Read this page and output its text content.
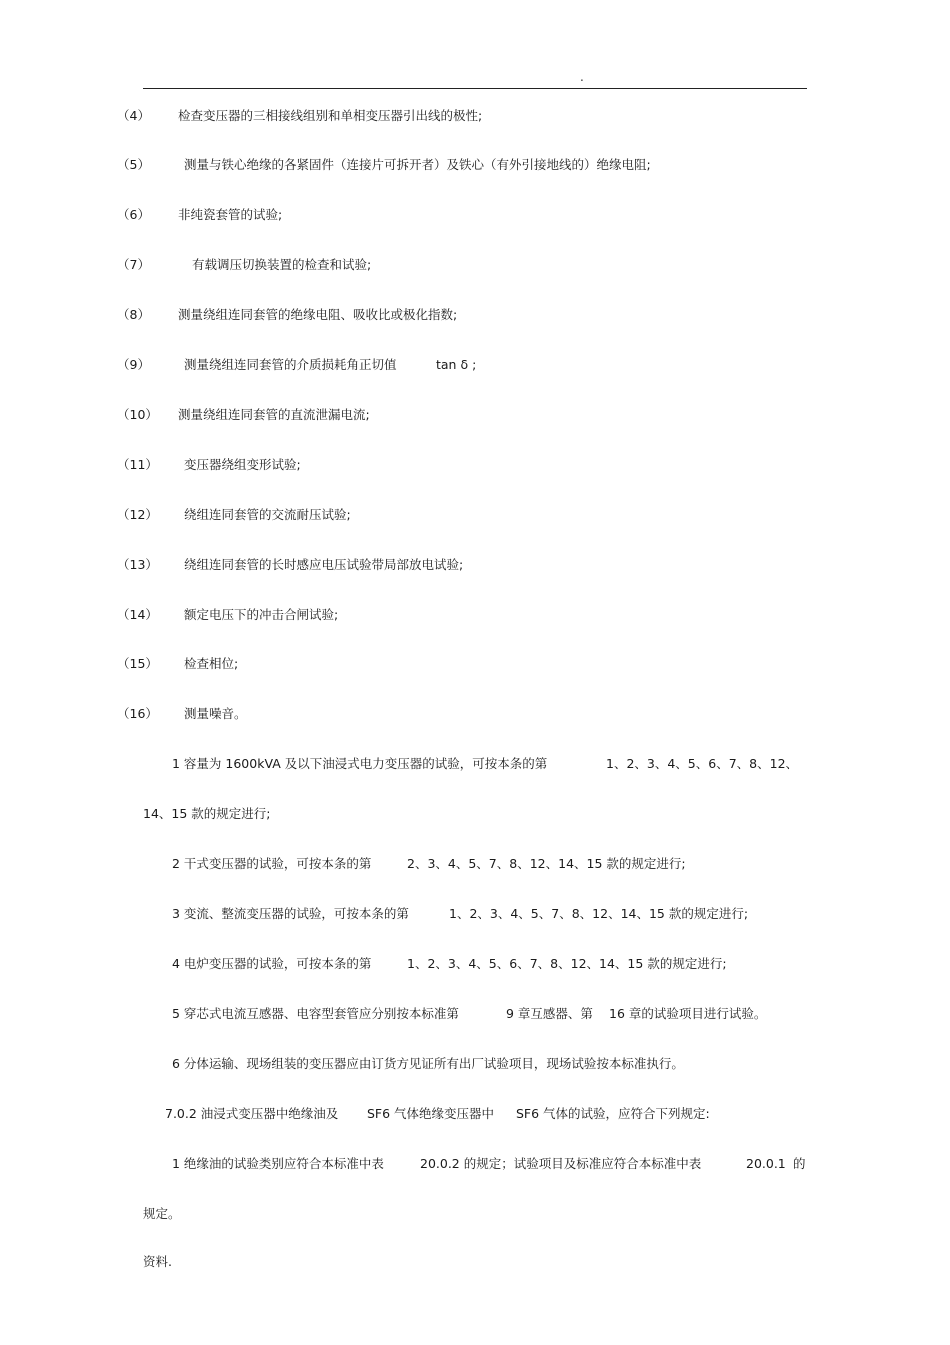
.
（4） 检查变压器的三相接线组别和单相变压器引出线的极性;
（5）	测量与铁心绝缘的各紧固件（连接片可拆开者）及铁心（有外引接地线的）绝缘电阻;
（6） 非纯瓷套管的试验;
（7）	有载调压切换装置的检查和试验;
（8） 测量绕组连同套管的绝缘电阻、吸收比或极化指数;
（9）	测量绕组连同套管的介质损耗角正切值	tan δ ;
（10） 测量绕组连同套管的直流泄漏电流;
（11） 变压器绕组变形试验;
（12） 绕组连同套管的交流耐压试验;
（13） 绕组连同套管的长时感应电压试验带局部放电试验;
（14） 额定电压下的冲击合闸试验;
（15） 检查相位;
（16） 测量噪音。
1 容量为 1600kVA 及以下油浸式电力变压器的试验，可按本条的第	1、2、3、4、5、6、7、8、12、
14、15 款的规定进行;
2 干式变压器的试验，可按本条的第	2、3、4、5、7、8、12、14、15 款的规定进行;
3 变流、整流变压器的试验，可按本条的第	1、2、3、4、5、7、8、12、14、15 款的规定进行;
4 电炉变压器的试验，可按本条的第	1、2、3、4、5、6、7、8、12、14、15 款的规定进行;
5 穿芯式电流互感器、电容型套管应分别按本标准第	9 章互感器、第 16 章的试验项目进行试验。
6 分体运输、现场组装的变压器应由订货方见证所有出厂试验项目，现场试验按本标准执行。
7.0.2 油浸式变压器中绝缘油及 SF6 气体绝缘变压器中 SF6 气体的试验，应符合下列规定:
1 绝缘油的试验类别应符合本标准中表	20.0.2 的规定；试验项目及标准应符合本标准中表	20.0.1 的
规定。
资料.
